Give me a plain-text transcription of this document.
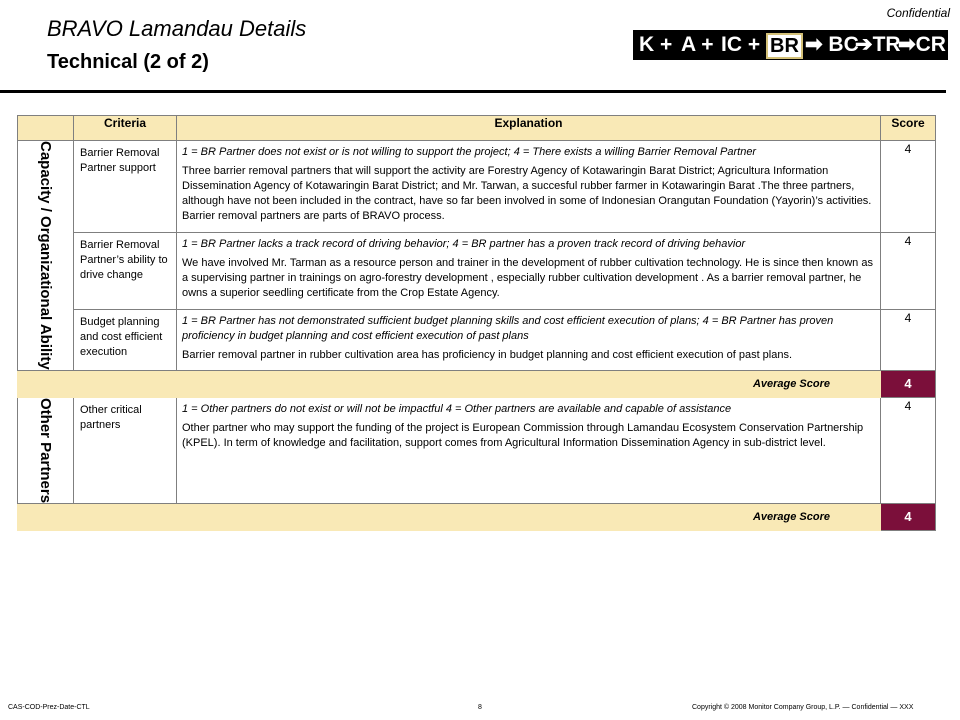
Confidential
BRAVO Lamandau Details
Technical (2 of 2)
K + A + IC + BR ➡ BC
➔TR
➡CR
	Criteria	Explanation	Score

Capacity / Organizational Ability	Barrier Removal Partner support	1 = BR Partner does not exist or is not willing to support the project; 4 = There exists a willing Barrier Removal Partner
Three barrier removal partners that will support the activity are Forestry Agency of Kotawaringin Barat District; Agricultura Information Dissemination Agency of Kotawaringin Barat District; and Mr. Tarwan, a succesful rubber farmer in Kotawaringin Barat .The three partners, although have not been included in the contract, have so far been involved in some of Indonesian Orangutan Foundation (Yayorin)’s activities. Barrier removal partners are parts of BRAVO process.	4
	Barrier Removal Partner’s ability to drive change	1 = BR Partner lacks a track record of driving behavior; 4 = BR partner has a proven track record of driving behavior
We have involved Mr. Tarman as a resource person and trainer in the development of rubber cultivation technology. He is since then known as a supervising partner in trainings on agro-forestry development , especially rubber cultivation development . As a barrier removal partner, he owns a superior seedling certificate from the Crop Estate Agency.	4
	Budget planning and cost efficient execution	1 = BR Partner has not demonstrated sufficient budget planning skills and cost efficient execution of plans; 4 = BR Partner has proven proficiency in budget planning and cost efficient execution of past plans
Barrier removal partner in rubber cultivation area has proficiency in budget planning and cost efficient execution of past plans.	4
Average Score			4

Other Partners	Other critical partners	1 = Other partners do not exist or will not be impactful 4 = Other partners are available and capable of assistance
Other partner who may support the funding of the project is European Commission through Lamandau Ecosystem Conservation Partnership (KPEL). In term of knowledge and facilitation, support comes from Agricultural Information Dissemination Agency in sub-district level.	4
Average Score			4
CAS-COD-Prez-Date-CTL	8	Copyright © 2008 Monitor Company Group, L.P. — Confidential — XXX
